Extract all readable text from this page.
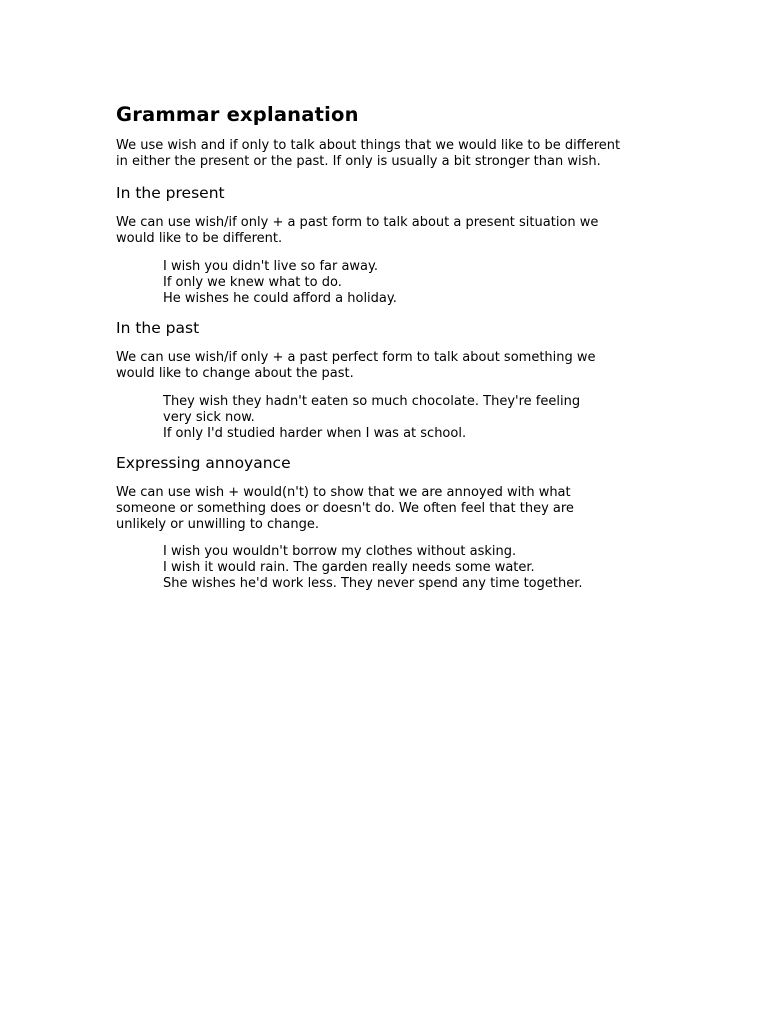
Grammar explanation

We use wish and if only to talk about things that we would like to be different
in either the present or the past. If only is usually a bit stronger than wish.

In the present

We can use wish/if only + a past form to talk about a present situation we
would like to be different.

I wish you didn't live so far away.
If only we knew what to do.
He wishes he could afford a holiday.
In the past

We can use wish/if only + a past perfect form to talk about something we
would like to change about the past.

They wish they hadn't eaten so much chocolate. They're feeling
very sick now.
If only I'd studied harder when I was at school.
Expressing annoyance

We can use wish + would(n't) to show that we are annoyed with what
someone or something does or doesn't do. We often feel that they are
unlikely or unwilling to change.

I wish you wouldn't borrow my clothes without asking.
I wish it would rain. The garden really needs some water.
She wishes he'd work less. They never spend any time together.
